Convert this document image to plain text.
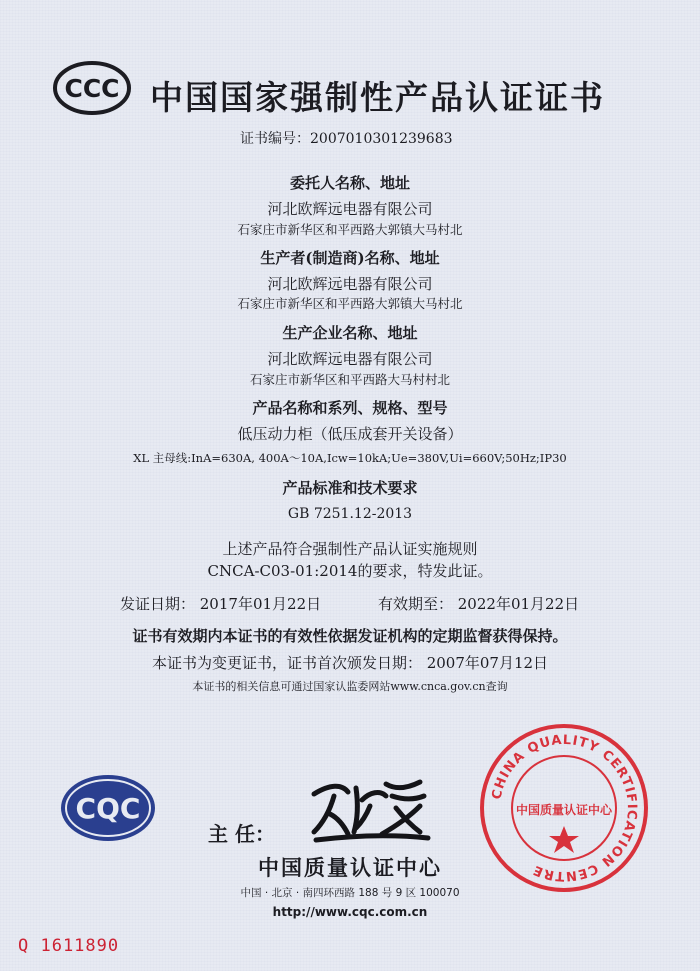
CCC 中国国家强制性产品认证证书
证书编号：2007010301239683
委托人名称、地址
河北欧辉远电器有限公司
石家庄市新华区和平西路大郭镇大马村北
生产者(制造商)名称、地址
河北欧辉远电器有限公司
石家庄市新华区和平西路大郭镇大马村北
生产企业名称、地址
河北欧辉远电器有限公司
石家庄市新华区和平西路大马村村北
产品名称和系列、规格、型号
低压动力柜（低压成套开关设备）
XL 主母线:InA=630A, 400A～10A,Icw=10kA;Ue=380V,Ui=660V;50Hz;IP30
产品标准和技术要求
GB 7251.12-2013
上述产品符合强制性产品认证实施规则
CNCA-C03-01:2014的要求，特发此证。
发证日期： 2017年01月22日	有效期至： 2022年01月22日
证书有效期内本证书的有效性依据发证机构的定期监督获得保持。
本证书为变更证书，证书首次颁发日期： 2007年07月12日
本证书的相关信息可通过国家认监委网站www.cnca.gov.cn查询
CQC
主 任：
中国质量认证中心
中国 · 北京 · 南四环西路 188 号 9 区 100070
http://www.cqc.com.cn
CHINA QUALITY CERTIFICATION CENTRE
中国质量认证中心
Q 1611890
